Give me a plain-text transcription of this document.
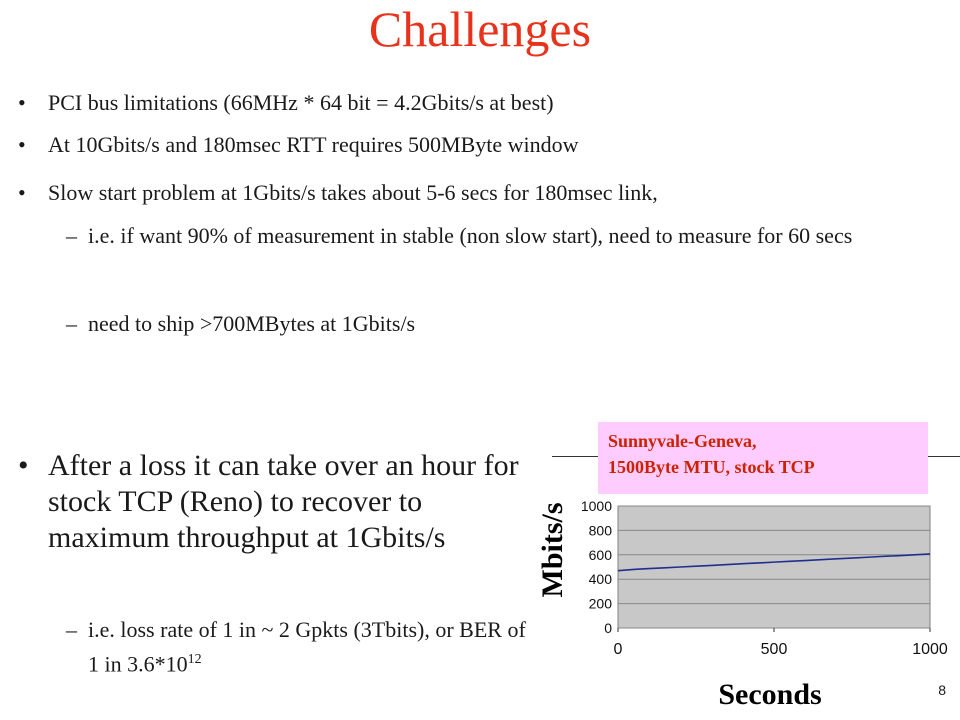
Challenges
• PCI bus limitations (66MHz * 64 bit = 4.2Gbits/s at best)
• At 10Gbits/s and 180msec RTT requires 500MByte window
• Slow start problem at 1Gbits/s takes about 5-6 secs for 180msec link,
– i.e. if want 90% of measurement in stable (non slow start), need to measure for 60 secs
– need to ship >700MBytes at 1Gbits/s
• After a loss it can take over an hour for stock TCP (Reno) to recover to maximum throughput at 1Gbits/s
– i.e. loss rate of 1 in ~ 2 Gpkts (3Tbits), or BER of 1 in $3.6*10^{12}$
0
200
400
600
800
1000
0	500	1000
Mbits/s
Seconds
Sunnyvale-Geneva,
1500Byte MTU, stock TCP
8
